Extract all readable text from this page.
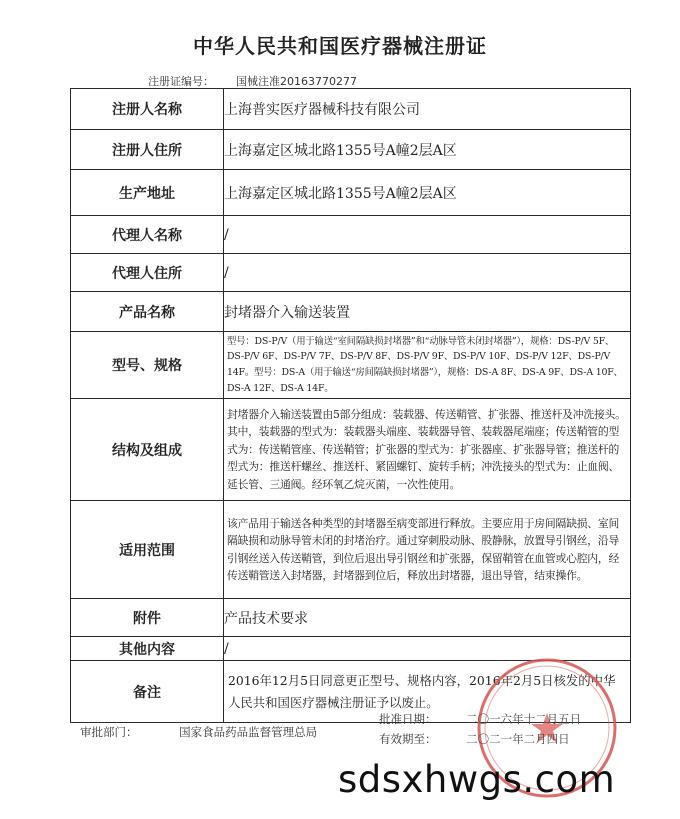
中华人民共和国医疗器械注册证
注册证编号： 国械注准20163770277
注册人名称	上海普实医疗器械科技有限公司
注册人住所	上海嘉定区城北路1355号A幢2层A区
生产地址	上海嘉定区城北路1355号A幢2层A区
代理人名称	/
代理人住所	/
产品名称	封堵器介入输送装置
型号、规格	型号：DS-P/V（用于输送“室间隔缺损封堵器”和“动脉导管未闭封堵器”），规格：DS-P/V 5F、DS-P/V 6F、DS-P/V 7F、DS-P/V 8F、DS-P/V 9F、DS-P/V 10F、DS-P/V 12F、DS-P/V 14F。型号：DS-A（用于输送“房间隔缺损封堵器”），规格：DS-A 8F、DS-A 9F、DS-A 10F、DS-A 12F、DS-A 14F。
结构及组成	封堵器介入输送装置由5部分组成：装载器、传送鞘管、扩张器、推送杆及冲洗接头。其中，装载器的型式为：装载器头端座、装载器导管、装载器尾端座；传送鞘管的型式为：传送鞘管座、传送鞘管；扩张器的型式为：扩张器座、扩张器导管；推送杆的型式为：推送杆螺丝、推送杆、紧固螺钉、旋转手柄；冲洗接头的型式为：止血阀、延长管、三通阀。经环氧乙烷灭菌，一次性使用。
适用范围	该产品用于输送各种类型的封堵器至病变部进行释放。主要应用于房间隔缺损、室间隔缺损和动脉导管未闭的封堵治疗。通过穿刺股动脉、股静脉，放置导引钢丝，沿导引钢丝送入传送鞘管，到位后退出导引钢丝和扩张器，保留鞘管在血管或心腔内，经传送鞘管送入封堵器，封堵器到位后，释放出封堵器，退出导管，结束操作。
附件	产品技术要求
其他内容	/
备注	2016年12月5日同意更正型号、规格内容，2016年2月5日核发的中华人民共和国医疗器械注册证予以废止。
审批部门：	国家食品药品监督管理总局
批准日期：	二〇一六年十二月五日
有效期至：	二〇二一年二月四日
sdsxhwgs.com
